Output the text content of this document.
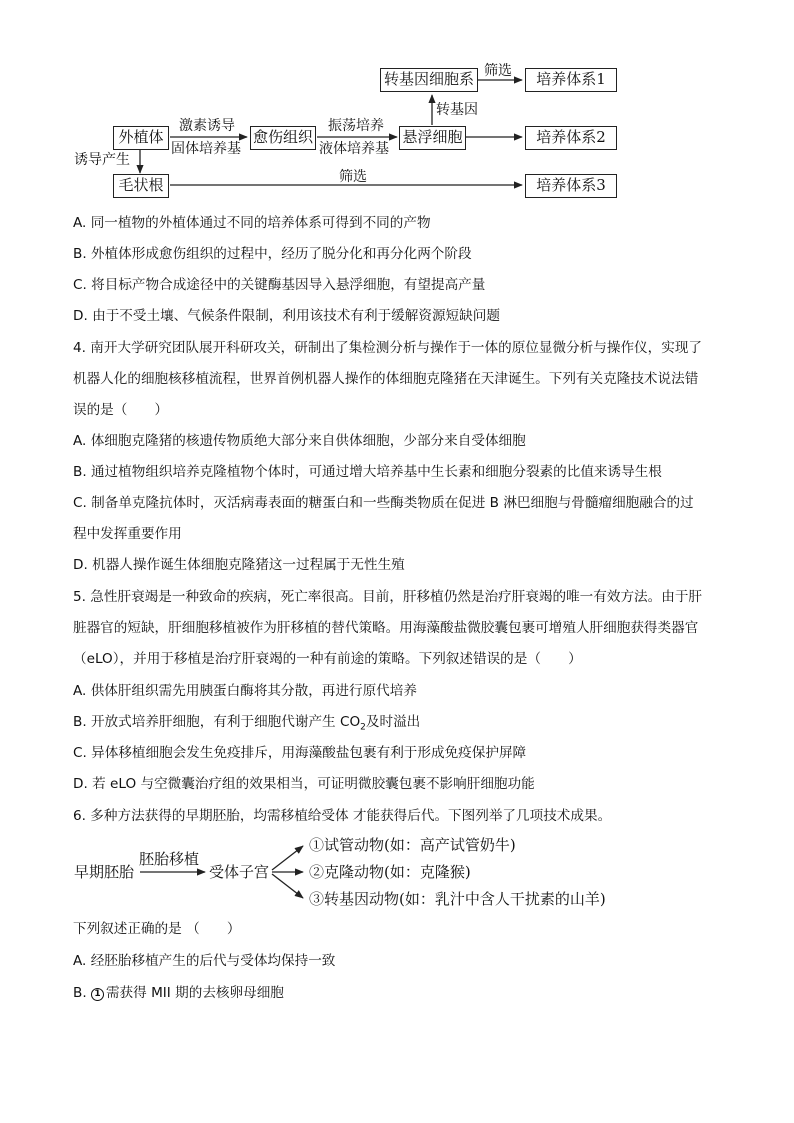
外植体	愈伤组织	悬浮细胞
转基因细胞系
毛状根
培养体系1
培养体系2
培养体系3
激素诱导
固体培养基
振荡培养
液体培养基
转基因
筛选
筛选
诱导产生
A. 同一植物的外植体通过不同的培养体系可得到不同的产物
B. 外植体形成愈伤组织的过程中，经历了脱分化和再分化两个阶段
C. 将目标产物合成途径中的关键酶基因导入悬浮细胞，有望提高产量
D. 由于不受土壤、气候条件限制，利用该技术有利于缓解资源短缺问题
4. 南开大学研究团队展开科研攻关，研制出了集检测分析与操作于一体的原位显微分析与操作仪，实现了
机器人化的细胞核移植流程，世界首例机器人操作的体细胞克隆猪在天津诞生。下列有关克隆技术说法错
误的是（　　）
A. 体细胞克隆猪的核遗传物质绝大部分来自供体细胞，少部分来自受体细胞
B. 通过植物组织培养克隆植物个体时，可通过增大培养基中生长素和细胞分裂素的比值来诱导生根
C. 制备单克隆抗体时，灭活病毒表面的糖蛋白和一些酶类物质在促进 B 淋巴细胞与骨髓瘤细胞融合的过
程中发挥重要作用
D. 机器人操作诞生体细胞克隆猪这一过程属于无性生殖
5. 急性肝衰竭是一种致命的疾病，死亡率很高。目前，肝移植仍然是治疗肝衰竭的唯一有效方法。由于肝
脏器官的短缺，肝细胞移植被作为肝移植的替代策略。用海藻酸盐微胶囊包裹可增殖人肝细胞获得类器官
（eLO），并用于移植是治疗肝衰竭的一种有前途的策略。下列叙述错误的是（　　）
A. 供体肝组织需先用胰蛋白酶将其分散，再进行原代培养
B. 开放式培养肝细胞，有利于细胞代谢产生 $CO_2$及时溢出
C. 异体移植细胞会发生免疫排斥，用海藻酸盐包裹有利于形成免疫保护屏障
D. 若 eLO 与空微囊治疗组的效果相当，可证明微胶囊包裹不影响肝细胞功能
6. 多种方法获得的早期胚胎，均需移植给受体 才能获得后代。下图列举了几项技术成果。
早期胚胎
胚胎移植
受体子宫
①试管动物(如：高产试管奶牛)
②克隆动物(如：克隆猴)
③转基因动物(如：乳汁中含人干扰素的山羊)
下列叙述正确的是 （　　）
A. 经胚胎移植产生的后代与受体均保持一致
B. 1 需获得 MII 期的去核卵母细胞
